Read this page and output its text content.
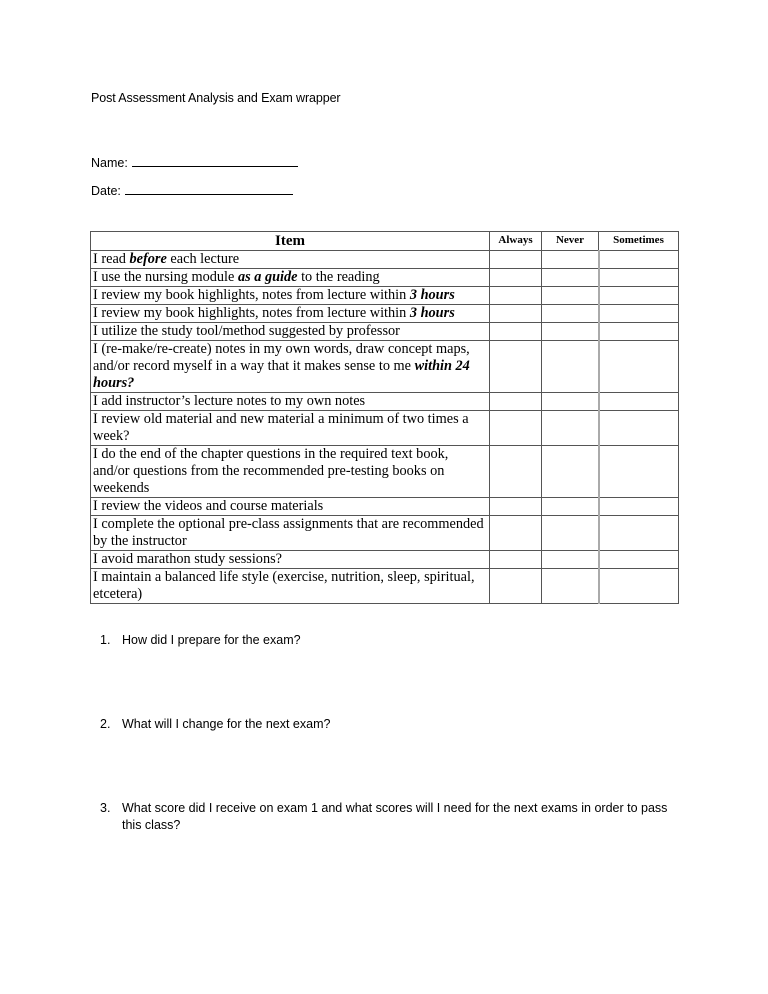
Post Assessment Analysis and Exam wrapper
Name:
Date:
Item	Always	Never	Sometimes
I read before each lecture			
I use the nursing module as a guide to the reading			
I review my book highlights, notes from lecture within 3 hours			
I review my book highlights, notes from lecture within 3 hours			
I utilize the study tool/method suggested by professor			
I (re-make/re-create) notes in my own words, draw concept maps, and/or record myself in a way that it makes sense to me within 24 hours?			
I add instructor’s lecture notes to my own notes			
I review old material and new material a minimum of two times a week?			
I do the end of the chapter questions in the required text book, and/or questions from the recommended pre-testing books on weekends			
I review the videos and course materials			
I complete the optional pre-class assignments that are recommended by the instructor			
I avoid marathon study sessions?			
I maintain a balanced life style (exercise, nutrition, sleep, spiritual, etcetera)			
1. How did I prepare for the exam?
2. What will I change for the next exam?
3. What score did I receive on exam 1 and what scores will I need for the next exams in order to pass this class?
